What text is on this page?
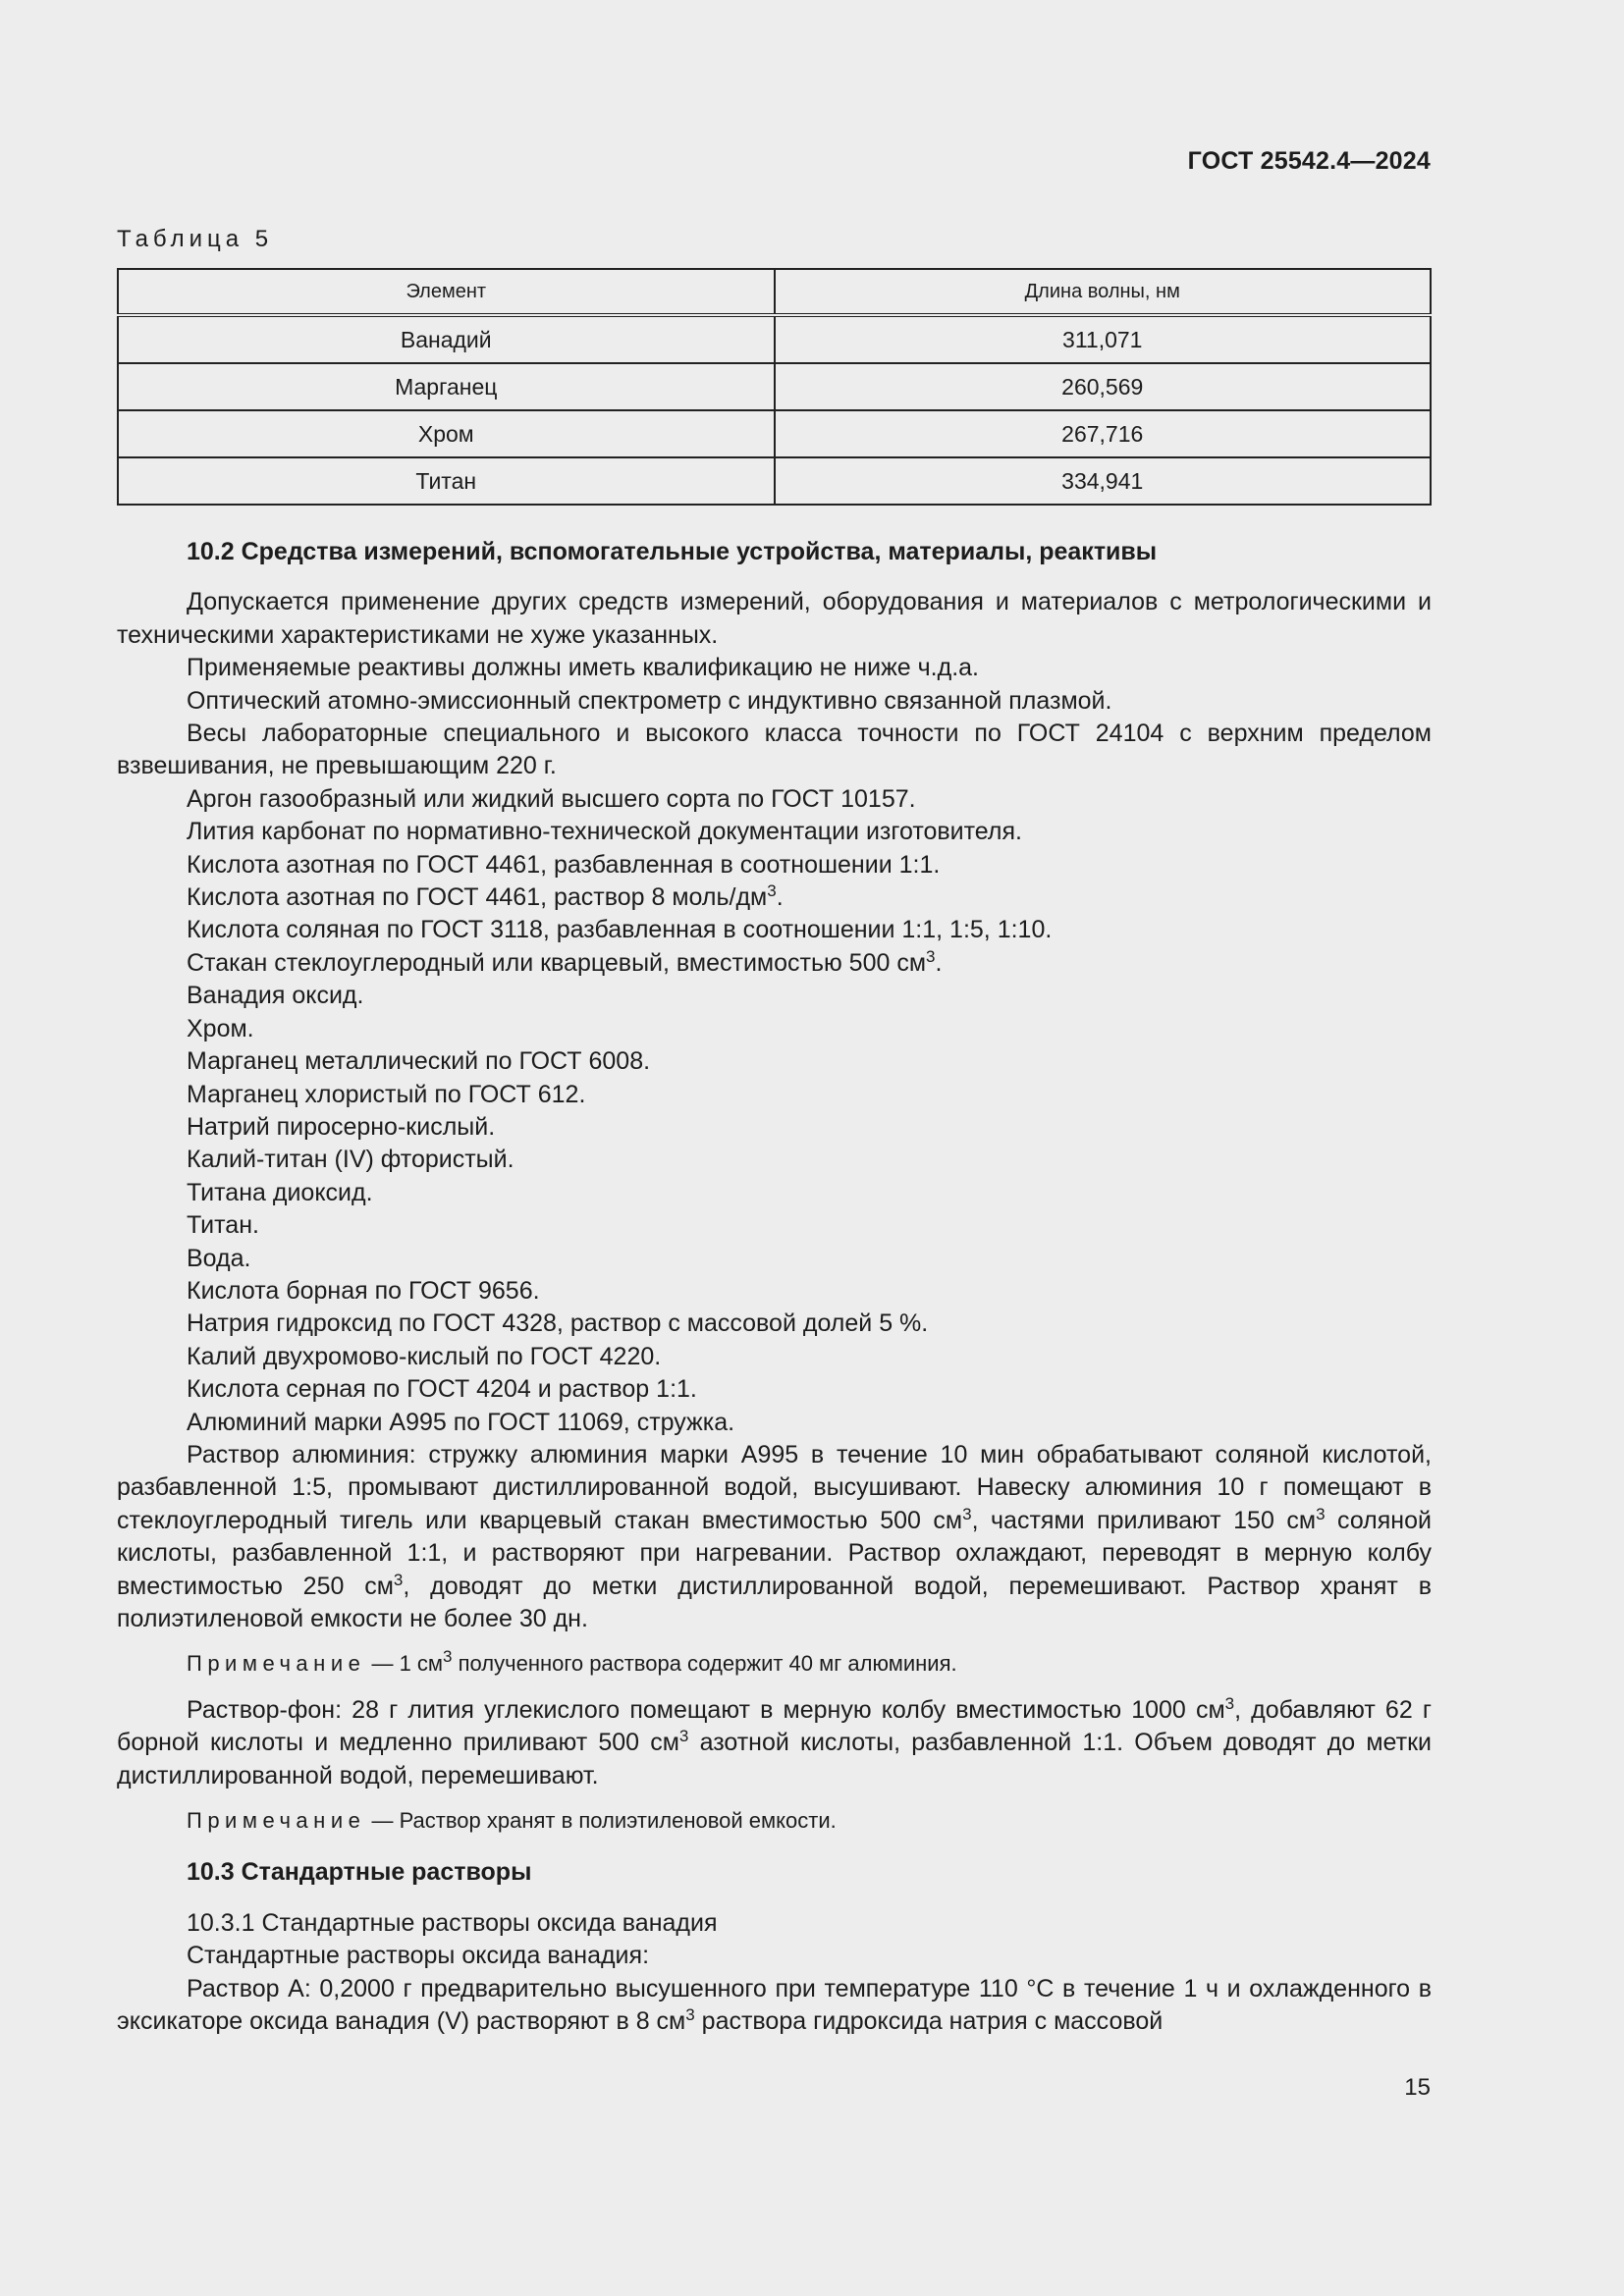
ГОСТ 25542.4—2024
Таблица 5
Элемент	Длина волны, нм
Ванадий	311,071
Марганец	260,569
Хром	267,716
Титан	334,941

10.2 Средства измерений, вспомогательные устройства, материалы, реактивы

Допускается применение других средств измерений, оборудования и материалов с метрологическими и техническими характеристиками не хуже указанных.

Применяемые реактивы должны иметь квалификацию не ниже ч.д.а.

Оптический атомно-эмиссионный спектрометр с индуктивно связанной плазмой.

Весы лабораторные специального и высокого класса точности по ГОСТ 24104 с верхним пределом взвешивания, не превышающим 220 г.

Аргон газообразный или жидкий высшего сорта по ГОСТ 10157.

Лития карбонат по нормативно-технической документации изготовителя.

Кислота азотная по ГОСТ 4461, разбавленная в соотношении 1:1.

Кислота азотная по ГОСТ 4461, раствор 8 моль/$дм^3$.

Кислота соляная по ГОСТ 3118, разбавленная в соотношении 1:1, 1:5, 1:10.

Стакан стеклоуглеродный или кварцевый, вместимостью 500 $см^3$.

Ванадия оксид.

Хром.

Марганец металлический по ГОСТ 6008.

Марганец хлористый по ГОСТ 612.

Натрий пиросерно-кислый.

Калий-титан (IV) фтористый.

Титана диоксид.

Титан.

Вода.

Кислота борная по ГОСТ 9656.

Натрия гидроксид по ГОСТ 4328, раствор с массовой долей 5 %.

Калий двухромово-кислый по ГОСТ 4220.

Кислота серная по ГОСТ 4204 и раствор 1:1.

Алюминий марки А995 по ГОСТ 11069, стружка.

Раствор алюминия: стружку алюминия марки А995 в течение 10 мин обрабатывают соляной кислотой, разбавленной 1:5, промывают дистиллированной водой, высушивают. Навеску алюминия 10 г помещают в стеклоуглеродный тигель или кварцевый стакан вместимостью 500 $см^3$, частями приливают 150 $см^3$ соляной кислоты, разбавленной 1:1, и растворяют при нагревании. Раствор охлаждают, переводят в мерную колбу вместимостью 250 $см^3$, доводят до метки дистиллированной водой, перемешивают. Раствор хранят в полиэтиленовой емкости не более 30 дн.

Примечание — 1 $см^3$ полученного раствора содержит 40 мг алюминия.

Раствор-фон: 28 г лития углекислого помещают в мерную колбу вместимостью 1000 $см^3$, добавляют 62 г борной кислоты и медленно приливают 500 $см^3$ азотной кислоты, разбавленной 1:1. Объем доводят до метки дистиллированной водой, перемешивают.

Примечание — Раствор хранят в полиэтиленовой емкости.

10.3 Стандартные растворы

10.3.1 Стандартные растворы оксида ванадия

Стандартные растворы оксида ванадия:

Раствор А: 0,2000 г предварительно высушенного при температуре 110 °С в течение 1 ч и охлажденного в эксикаторе оксида ванадия (V) растворяют в 8 $см^3$ раствора гидроксида натрия с массовой

15
